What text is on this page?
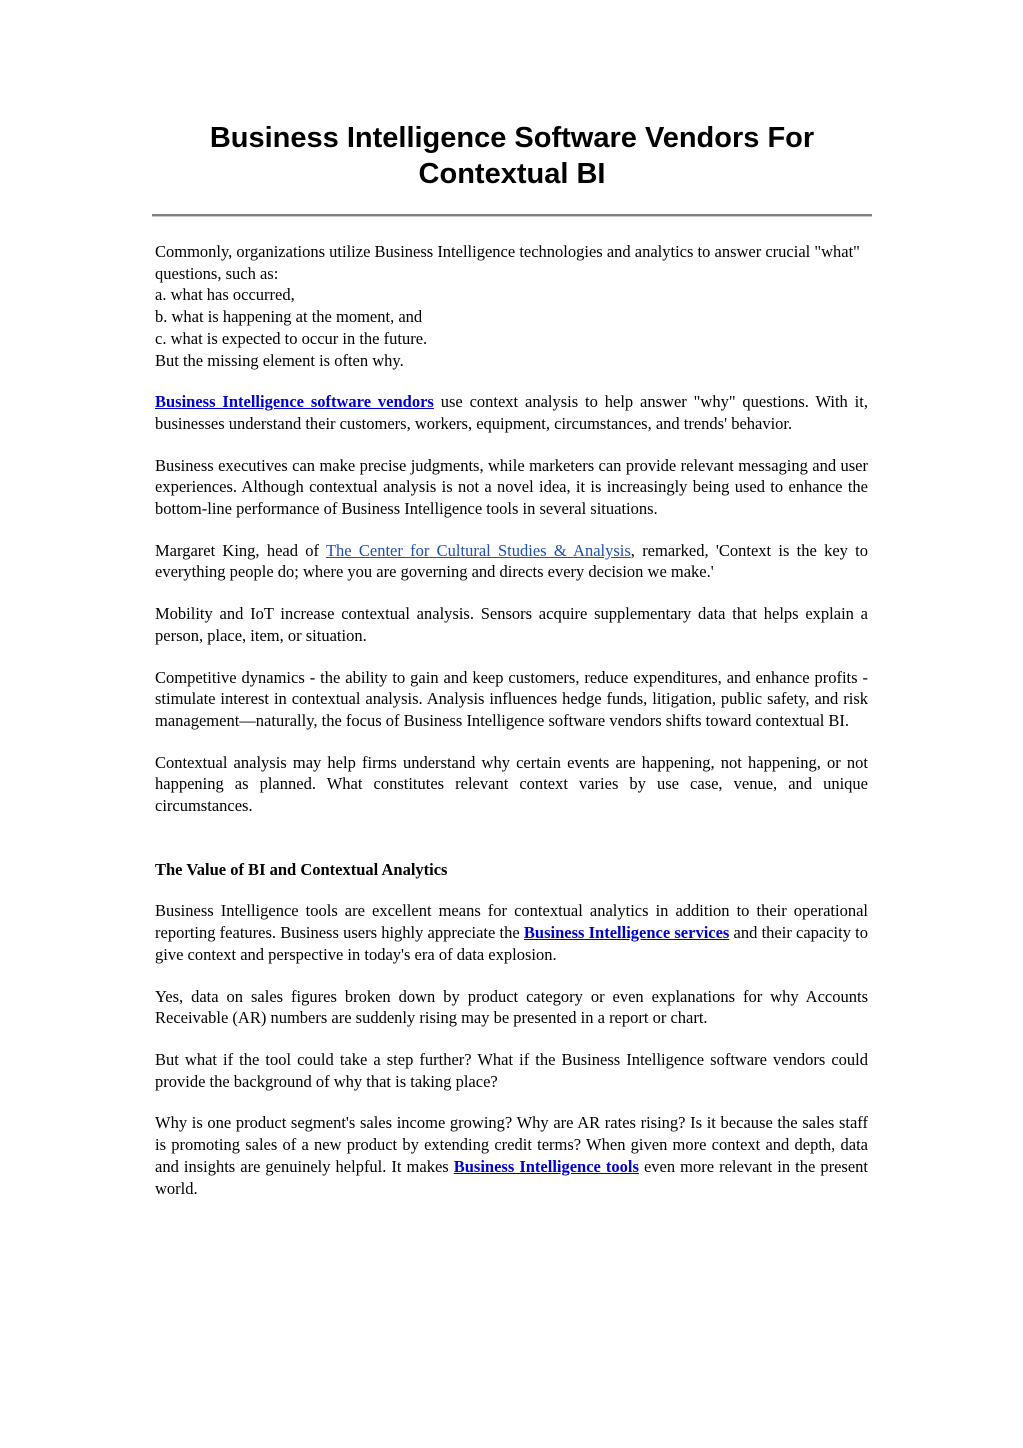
Business Intelligence Software Vendors For Contextual BI

Commonly, organizations utilize Business Intelligence technologies and analytics to answer crucial "what" questions, such as:
a. what has occurred,
b. what is happening at the moment, and
c. what is expected to occur in the future.
But the missing element is often why.

Business Intelligence software vendors use context analysis to help answer "why" questions. With it, businesses understand their customers, workers, equipment, circumstances, and trends' behavior.

Business executives can make precise judgments, while marketers can provide relevant messaging and user experiences. Although contextual analysis is not a novel idea, it is increasingly being used to enhance the bottom-line performance of Business Intelligence tools in several situations.

Margaret King, head of The Center for Cultural Studies & Analysis, remarked, 'Context is the key to everything people do; where you are governing and directs every decision we make.'

Mobility and IoT increase contextual analysis. Sensors acquire supplementary data that helps explain a person, place, item, or situation.

Competitive dynamics - the ability to gain and keep customers, reduce expenditures, and enhance profits - stimulate interest in contextual analysis. Analysis influences hedge funds, litigation, public safety, and risk management—naturally, the focus of Business Intelligence software vendors shifts toward contextual BI.

Contextual analysis may help firms understand why certain events are happening, not happening, or not happening as planned. What constitutes relevant context varies by use case, venue, and unique circumstances.

The Value of BI and Contextual Analytics

Business Intelligence tools are excellent means for contextual analytics in addition to their operational reporting features. Business users highly appreciate the Business Intelligence services and their capacity to give context and perspective in today's era of data explosion.

Yes, data on sales figures broken down by product category or even explanations for why Accounts Receivable (AR) numbers are suddenly rising may be presented in a report or chart.

But what if the tool could take a step further? What if the Business Intelligence software vendors could provide the background of why that is taking place?

Why is one product segment's sales income growing? Why are AR rates rising? Is it because the sales staff is promoting sales of a new product by extending credit terms? When given more context and depth, data and insights are genuinely helpful. It makes Business Intelligence tools even more relevant in the present world.
